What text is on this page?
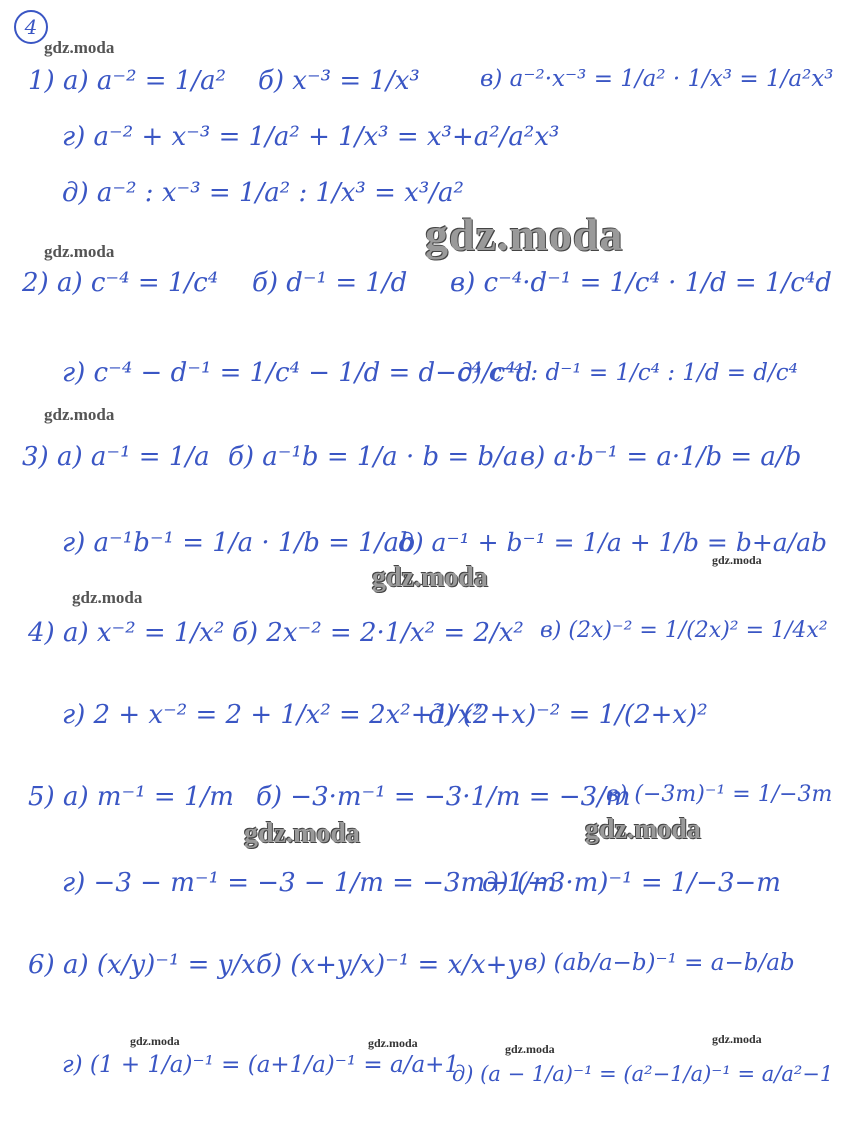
4
gdz.moda
gdz.moda
gdz.moda
gdz.moda
gdz.moda
gdz.moda
gdz.moda
gdz.moda	gdz.moda
gdz.moda	gdz.moda	gdz.moda
gdz.moda
1) а) a⁻² = 1/a² б) x⁻³ = 1/x³	в) a⁻²·x⁻³ = 1/a² · 1/x³ = 1/a²x³
г) a⁻² + x⁻³ = 1/a² + 1/x³ = x³+a²/a²x³
д) a⁻² : x⁻³ = 1/a² : 1/x³ = x³/a²
2) а) c⁻⁴ = 1/c⁴ б) d⁻¹ = 1/d в) c⁻⁴·d⁻¹ = 1/c⁴ · 1/d = 1/c⁴d
г) c⁻⁴ − d⁻¹ = 1/c⁴ − 1/d = d−c⁴/c⁴d
д) c⁻⁴ : d⁻¹ = 1/c⁴ : 1/d = d/c⁴
3) а) a⁻¹ = 1/a б) a⁻¹b = 1/a · b = b/a в) a·b⁻¹ = a·1/b = a/b
г) a⁻¹b⁻¹ = 1/a · 1/b = 1/ab
д) a⁻¹ + b⁻¹ = 1/a + 1/b = b+a/ab
4) а) x⁻² = 1/x² б) 2x⁻² = 2·1/x² = 2/x² в) (2x)⁻² = 1/(2x)² = 1/4x²
г) 2 + x⁻² = 2 + 1/x² = 2x²+1/x²
д) (2+x)⁻² = 1/(2+x)²
5) а) m⁻¹ = 1/m б) −3·m⁻¹ = −3·1/m = −3/m
в) (−3m)⁻¹ = 1/−3m
г) −3 − m⁻¹ = −3 − 1/m = −3m+1/m
д) (−3·m)⁻¹ = 1/−3−m
6) а) (x/y)⁻¹ = y/x б) (x+y/x)⁻¹ = x/x+y в) (ab/a−b)⁻¹ = a−b/ab
г) (1 + 1/a)⁻¹ = (a+1/a)⁻¹ = a/a+1
д) (a − 1/a)⁻¹ = (a²−1/a)⁻¹ = a/a²−1
